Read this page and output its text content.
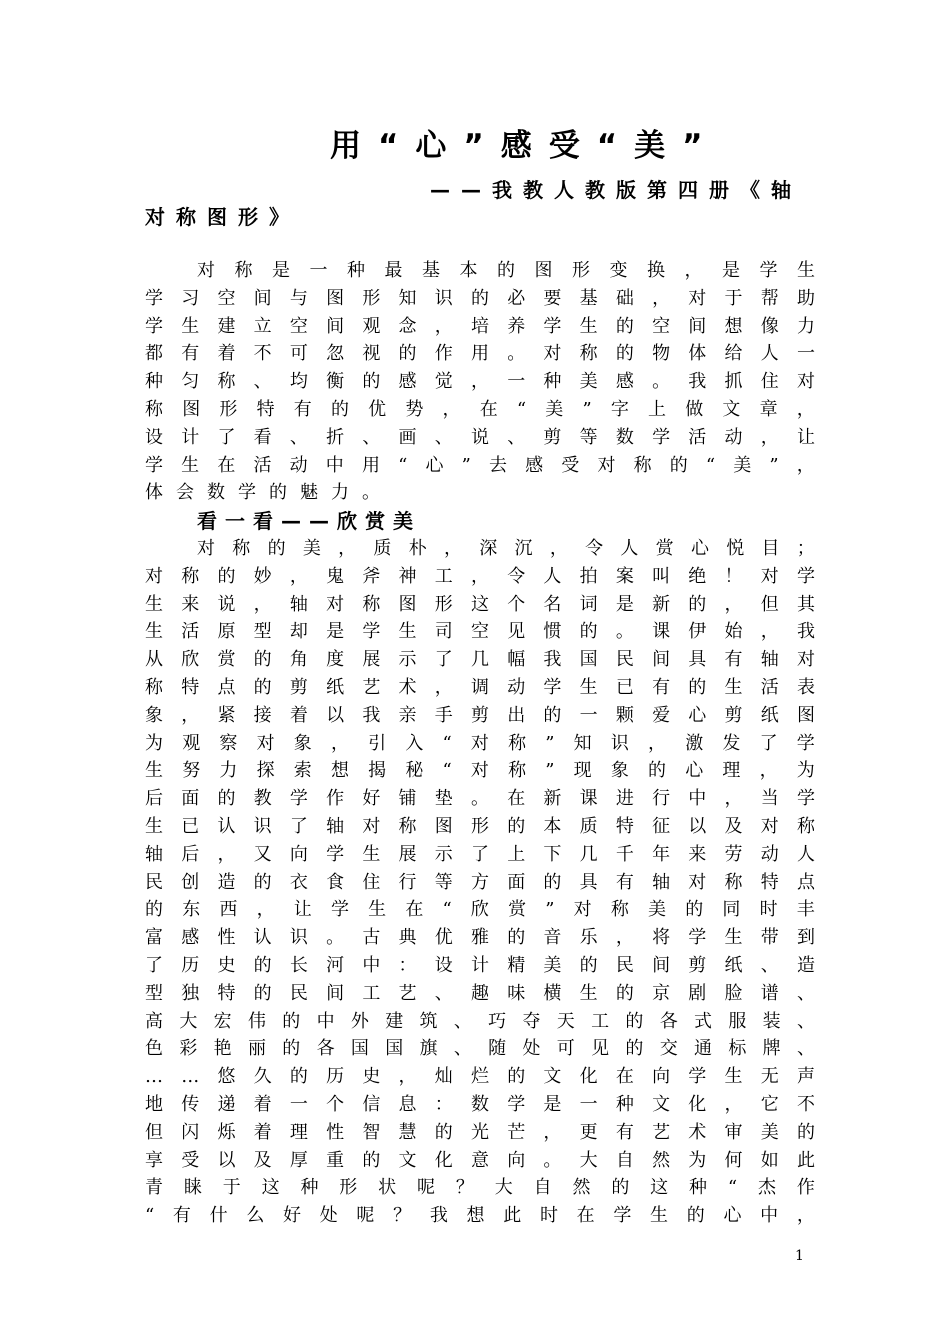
用“心”感受“美”
——我教人教版第四册《轴
对称图形》
对 称 是 一 种 最 基 本 的 图 形 变 换 ， 是 学 生
学 习 空 间 与 图 形 知 识 的 必 要 基 础 ， 对 于 帮 助
学 生 建 立 空 间 观 念 ， 培 养 学 生 的 空 间 想 像 力
都 有 着 不 可 忽 视 的 作 用 。 对 称 的 物 体 给 人 一
种 匀 称 、 均 衡 的 感 觉 ， 一 种 美 感 。 我 抓 住 对
称 图 形 特 有 的 优 势 ， 在 “ 美 ” 字 上 做 文 章 ，
设 计 了 看 、 折 、 画 、 说 、 剪 等 数 学 活 动 ， 让
学 生 在 活 动 中 用 “ 心 ” 去 感 受 对 称 的 “ 美 ” ，
体 会 数 学 的 魅 力 。
看一看——欣赏美
对 称 的 美 ， 质 朴 ， 深 沉 ， 令 人 赏 心 悦 目 ；
对 称 的 妙 ， 鬼 斧 神 工 ， 令 人 拍 案 叫 绝 ！ 对 学
生 来 说 ， 轴 对 称 图 形 这 个 名 词 是 新 的 ， 但 其
生 活 原 型 却 是 学 生 司 空 见 惯 的 。 课 伊 始 ， 我
从 欣 赏 的 角 度 展 示 了 几 幅 我 国 民 间 具 有 轴 对
称 特 点 的 剪 纸 艺 术 ， 调 动 学 生 已 有 的 生 活 表
象 ， 紧 接 着 以 我 亲 手 剪 出 的 一 颗 爱 心 剪 纸 图
为 观 察 对 象 ， 引 入 “ 对 称 ” 知 识 ， 激 发 了 学
生 努 力 探 索 想 揭 秘 “ 对 称 ” 现 象 的 心 理 ， 为
后 面 的 教 学 作 好 铺 垫 。 在 新 课 进 行 中 ， 当 学
生 已 认 识 了 轴 对 称 图 形 的 本 质 特 征 以 及 对 称
轴 后 ， 又 向 学 生 展 示 了 上 下 几 千 年 来 劳 动 人
民 创 造 的 衣 食 住 行 等 方 面 的 具 有 轴 对 称 特 点
的 东 西 ， 让 学 生 在 “ 欣 赏 ” 对 称 美 的 同 时 丰
富 感 性 认 识 。 古 典 优 雅 的 音 乐 ， 将 学 生 带 到
了 历 史 的 长 河 中 ： 设 计 精 美 的 民 间 剪 纸 、 造
型 独 特 的 民 间 工 艺 、 趣 味 横 生 的 京 剧 脸 谱 、
高 大 宏 伟 的 中 外 建 筑 、 巧 夺 天 工 的 各 式 服 装 、
色 彩 艳 丽 的 各 国 国 旗 、 随 处 可 见 的 交 通 标 牌 、
… … 悠 久 的 历 史 ， 灿 烂 的 文 化 在 向 学 生 无 声
地 传 递 着 一 个 信 息 ： 数 学 是 一 种 文 化 ， 它 不
但 闪 烁 着 理 性 智 慧 的 光 芒 ， 更 有 艺 术 审 美 的
享 受 以 及 厚 重 的 文 化 意 向 。 大 自 然 为 何 如 此
青 睐 于 这 种 形 状 呢 ？ 大 自 然 的 这 种 “ 杰 作
“ 有 什 么 好 处 呢 ？ 我 想 此 时 在 学 生 的 心 中 ，
1
